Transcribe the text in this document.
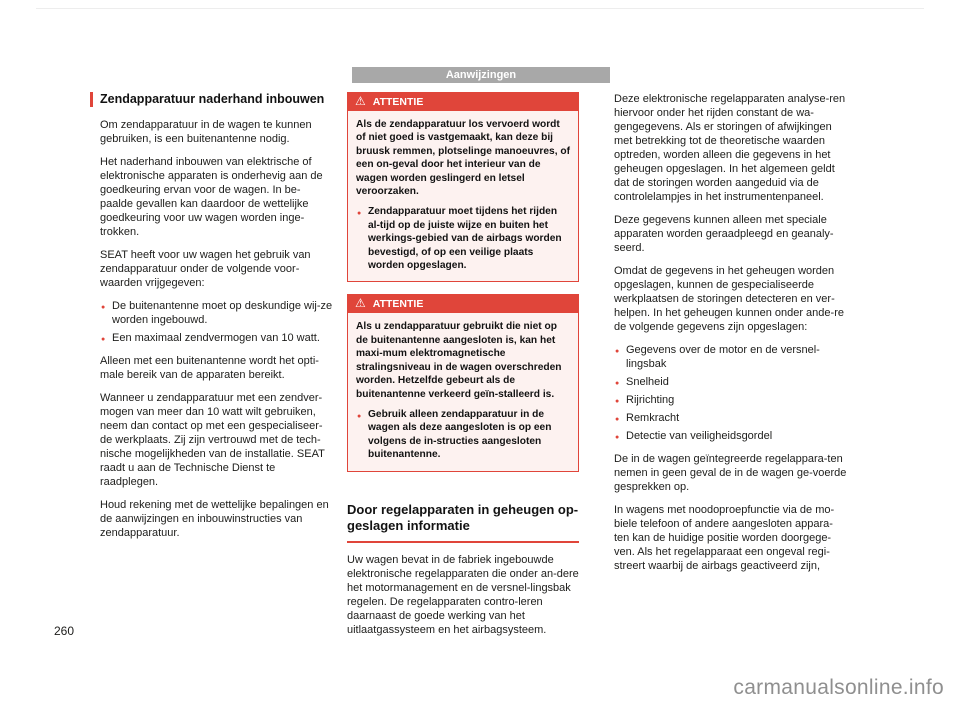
Aanwijzingen
Zendapparatuur naderhand inbouwen

Om zendapparatuur in de wagen te kunnen gebruiken, is een buitenantenne nodig.

Het naderhand inbouwen van elektrische of elektronische apparaten is onderhevig aan de goedkeuring ervan voor de wagen. In be-paalde gevallen kan daardoor de wettelijke goedkeuring voor uw wagen worden inge-trokken.

SEAT heeft voor uw wagen het gebruik van zendapparatuur onder de volgende voor-waarden vrijgegeven:

● De buitenantenne moet op deskundige wij-ze worden ingebouwd.
● Een maximaal zendvermogen van 10 watt.

Alleen met een buitenantenne wordt het opti-male bereik van de apparaten bereikt.

Wanneer u zendapparatuur met een zendver-mogen van meer dan 10 watt wilt gebruiken, neem dan contact op met een gespecialiseer-de werkplaats. Zij zijn vertrouwd met de tech-nische mogelijkheden van de installatie. SEAT raadt u aan de Technische Dienst te raadplegen.

Houd rekening met de wettelijke bepalingen en de aanwijzingen en inbouwinstructies van zendapparatuur.

⚠ ATTENTIE

Als de zendapparatuur los vervoerd wordt of niet goed is vastgemaakt, kan deze bij bruusk remmen, plotselinge manoeuvres, of een on-geval door het interieur van de wagen worden geslingerd en letsel veroorzaken.

● Zendapparatuur moet tijdens het rijden al-tijd op de juiste wijze en buiten het werkings-gebied van de airbags worden bevestigd, of op een veilige plaats worden opgeslagen.
⚠ ATTENTIE

Als u zendapparatuur gebruikt die niet op de buitenantenne aangesloten is, kan het maxi-mum elektromagnetische stralingsniveau in de wagen overschreden worden. Hetzelfde gebeurt als de buitenantenne verkeerd geïn-stalleerd is.

● Gebruik alleen zendapparatuur in de wagen als deze aangesloten is op een volgens de in-structies aangesloten buitenantenne.
Door regelapparaten in geheugen op-geslagen informatie

Uw wagen bevat in de fabriek ingebouwde elektronische regelapparaten die onder an-dere het motormanagement en de versnel-lingsbak regelen. De regelapparaten contro-leren daarnaast de goede werking van het uitlaatgassysteem en het airbagsysteem.

Deze elektronische regelapparaten analyse-ren hiervoor onder het rijden constant de wa-gengegevens. Als er storingen of afwijkingen met betrekking tot de theoretische waarden optreden, worden alleen die gegevens in het geheugen opgeslagen. In het algemeen geldt dat de storingen worden aangeduid via de controlelampjes in het instrumentenpaneel.

Deze gegevens kunnen alleen met speciale apparaten worden geraadpleegd en geanaly-seerd.

Omdat de gegevens in het geheugen worden opgeslagen, kunnen de gespecialiseerde werkplaatsen de storingen detecteren en ver-helpen. In het geheugen kunnen onder ande-re de volgende gegevens zijn opgeslagen:

● Gegevens over de motor en de versnel-lingsbak
● Snelheid
● Rijrichting
● Remkracht
● Detectie van veiligheidsgordel

De in de wagen geïntegreerde regelappara-ten nemen in geen geval de in de wagen ge-voerde gesprekken op.

In wagens met noodoproepfunctie via de mo-biele telefoon of andere aangesloten appara-ten kan de huidige positie worden doorgege-ven. Als het regelapparaat een ongeval regi-streert waarbij de airbags geactiveerd zijn,

260
carmanualsonline.info
